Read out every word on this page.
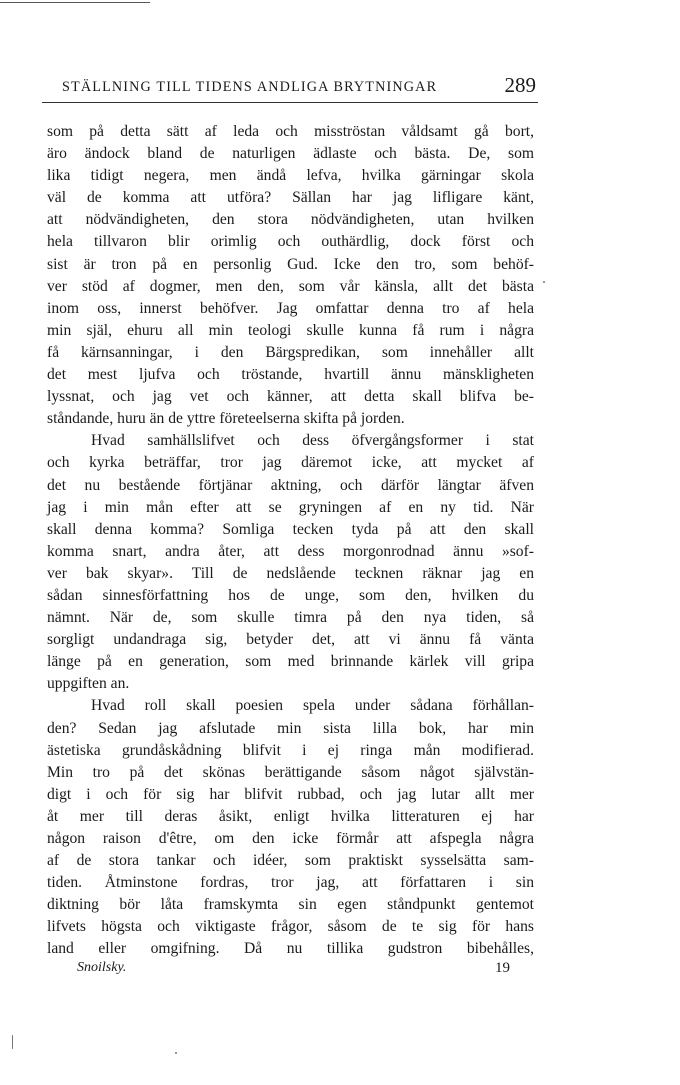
STÄLLNING TILL TIDENS ANDLIGA BRYTNINGAR	289
som på detta sätt af leda och misströstan våldsamt gå bort,
äro ändock bland de naturligen ädlaste och bästa. De, som
lika tidigt negera, men ändå lefva, hvilka gärningar skola
väl de komma att utföra? Sällan har jag lifligare känt,
att nödvändigheten, den stora nödvändigheten, utan hvilken
hela tillvaron blir orimlig och outhärdlig, dock först och
sist är tron på en personlig Gud. Icke den tro, som behöf-
ver stöd af dogmer, men den, som vår känsla, allt det bästa
inom oss, innerst behöfver. Jag omfattar denna tro af hela
min själ, ehuru all min teologi skulle kunna få rum i några
få kärnsanningar, i den Bärgspredikan, som innehåller allt
det mest ljufva och tröstande, hvartill ännu mänskligheten
lyssnat, och jag vet och känner, att detta skall blifva be-
ståndande, huru än de yttre företeelserna skifta på jorden.
Hvad samhällslifvet och dess öfvergångsformer i stat
och kyrka beträffar, tror jag däremot icke, att mycket af
det nu bestående förtjänar aktning, och därför längtar äfven
jag i min mån efter att se gryningen af en ny tid. När
skall denna komma? Somliga tecken tyda på att den skall
komma snart, andra åter, att dess morgonrodnad ännu »sof-
ver bak skyar». Till de nedslående tecknen räknar jag en
sådan sinnesförfattning hos de unge, som den, hvilken du
nämnt. När de, som skulle timra på den nya tiden, så
sorgligt undandraga sig, betyder det, att vi ännu få vänta
länge på en generation, som med brinnande kärlek vill gripa
uppgiften an.
Hvad roll skall poesien spela under sådana förhållan-
den? Sedan jag afslutade min sista lilla bok, har min
ästetiska grundåskådning blifvit i ej ringa mån modifierad.
Min tro på det skönas berättigande såsom något självstän-
digt i och för sig har blifvit rubbad, och jag lutar allt mer
åt mer till deras åsikt, enligt hvilka litteraturen ej har
någon raison d'être, om den icke förmår att afspegla några
af de stora tankar och idéer, som praktiskt sysselsätta sam-
tiden. Åtminstone fordras, tror jag, att författaren i sin
diktning bör låta framskymta sin egen ståndpunkt gentemot
lifvets högsta och viktigaste frågor, såsom de te sig för hans
land eller omgifning. Då nu tillika gudstron bibehålles,
Snoilsky.	19
